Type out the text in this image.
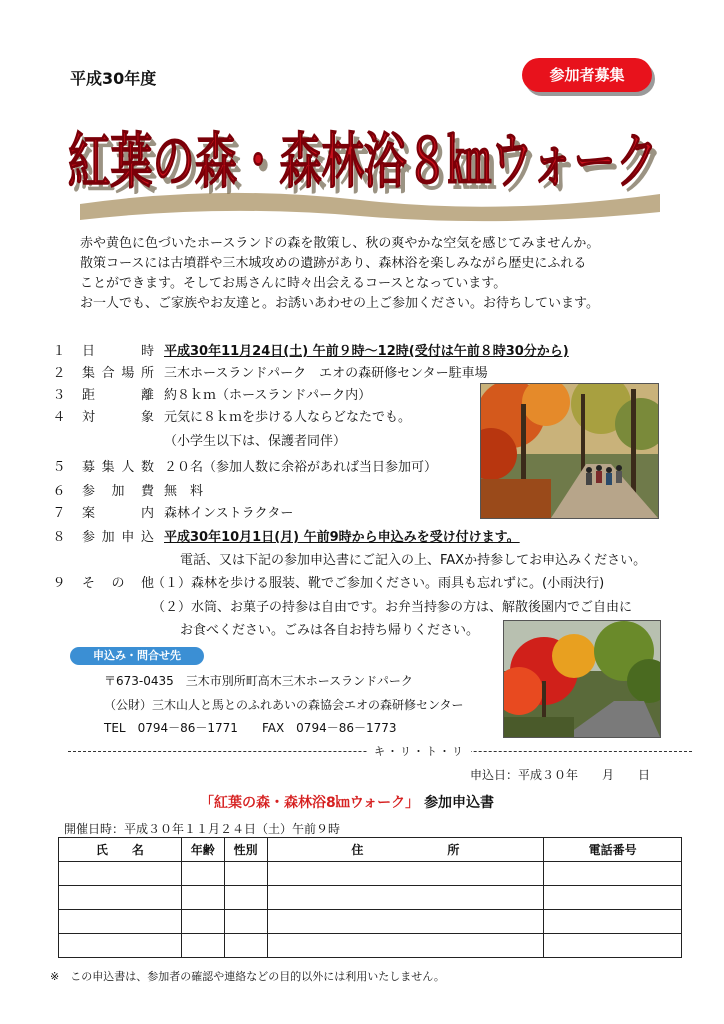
平成30年度	参加者募集
紅葉の森・森林浴８㎞ウォーク
紅葉の森・森林浴８㎞ウォーク

赤や黄色に色づいたホースランドの森を散策し、秋の爽やかな空気を感じてみませんか。

散策コースには古墳群や三木城攻めの遺跡があり、森林浴を楽しみながら歴史にふれる

ことができます。そしてお馬さんに時々出会えるコースとなっています。

お一人でも、ご家族やお友達と。お誘いあわせの上ご参加ください。お待ちしています。

１ 日　時 平成30年11月24日(土) 午前９時～12時(受付は午前８時30分から)
２ 集合場所 三木ホースランドパーク　エオの森研修センター駐車場
３ 距　離 約８ｋｍ（ホースランドパーク内）
４ 対　象 元気に８ｋｍを歩ける人ならどなたでも。
（小学生以下は、保護者同伴）
５ 募集人数 ２０名（参加人数に余裕があれば当日参加可）
６ 参加費 無　料
７ 案　内 森林インストラクター
８ 参加申込 平成30年10月1日(月) 午前9時から申込みを受け付けます。
電話、又は下記の参加申込書にご記入の上、FAXか持参してお申込みください。
９ そ の 他
（１）森林を歩ける服装、靴でご参加ください。雨具も忘れずに。(小雨決行)
（２）水筒、お菓子の持参は自由です。お弁当持参の方は、解散後園内でご自由に
お食べください。ごみは各自お持ち帰りください。
申込み・問合せ先
〒673-0435　三木市別所町高木三木ホースランドパーク
（公財）三木山人と馬とのふれあいの森協会エオの森研修センター
TEL　0794－86－1771　　FAX　0794－86－1773
キ・リ・ト・リ
申込日：平成３０年　　月　　日
「紅葉の森・森林浴8㎞ウォーク」 参加申込書
開催日時：平成３０年１１月２４日（土）午前９時
氏　　名	年齢	性別	住　　　　　　　所	電話番号

※　この申込書は、参加者の確認や連絡などの目的以外には利用いたしません。
